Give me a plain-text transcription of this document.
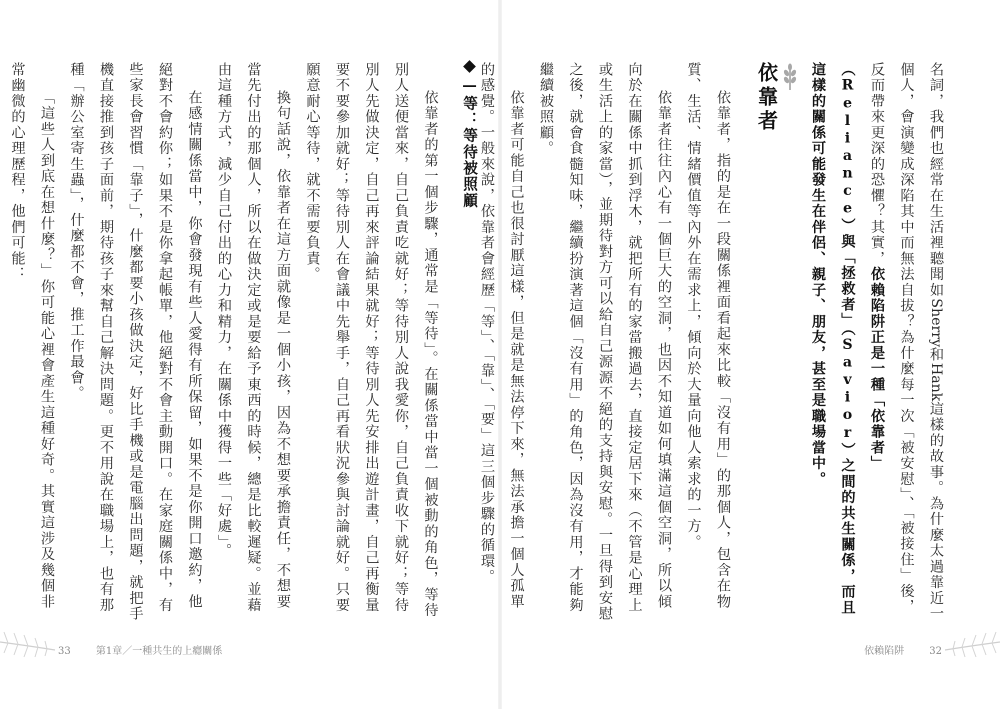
名詞，我們也經常在生活裡聽聞如Sherry和Hank這樣的故事。為什麼太過靠近一個人，會演變成深陷其中而無法自拔？為什麼每一次「被安慰」、「被接住」後，反而帶來更深的恐懼？其實，依賴陷阱正是一種「依靠者」（Reliance）與「拯救者」（Savior）之間的共生關係，而且這樣的關係可能發生在伴侶、親子、朋友，甚至是職場當中。

依靠者

依靠者，指的是在一段關係裡面看起來比較「沒有用」的那個人，包含在物質、生活、情緒價值等內外在需求上，傾向於大量向他人索求的一方。

依靠者往往內心有一個巨大的空洞，也因不知道如何填滿這個空洞，所以傾向於在關係中抓到浮木，就把所有的家當搬過去，直接定居下來（不管是心理上或生活上的家當），並期待對方可以給自己源源不絕的支持與安慰。一旦得到安慰之後，就會食髓知味，繼續扮演著這個「沒有用」的角色，因為沒有用，才能夠繼續被照顧。

依靠者可能自己也很討厭這樣，但是就是無法停下來，無法承擔一個人孤單的感覺。一般來說，依靠者會經歷「等」、「靠」、「要」這三個步驟的循環。

—等：等待被照顧

依靠者的第一個步驟，通常是「等待」。在關係當中當一個被動的角色，等待別人送便當來，自己負責吃就好；等待別人說我愛你，自己負責收下就好；等待別人先做決定，自己再來評論結果就好；等待別人先安排出遊計畫，自己再衡量要不要參加就好；等待別人在會議中先舉手，自己再看狀況參與討論就好。只要願意耐心等待，就不需要負責。

換句話說，依靠者在這方面就像是一個小孩，因為不想要承擔責任，不想要當先付出的那個人，所以在做決定或是要給予東西的時候，總是比較遲疑。並藉由這種方式，減少自己付出的心力和精力，在關係中獲得一些「好處」。

在感情關係當中，你會發現有些人愛得有所保留，如果不是你開口邀約，他絕對不會約你；如果不是你拿起帳單，他絕對不會主動開口。在家庭關係中，有些家長會習慣「靠子」，什麼都要小孩做決定，好比手機或是電腦出問題，就把手機直接推到孩子面前，期待孩子來幫自己解決問題。更不用說在職場上，也有那種「辦公室寄生蟲」，什麼都不會，推工作最會。

「這些人到底在想什麼？」你可能心裡會產生這種好奇。其實這涉及幾個非常幽微的心理歷程，他們可能：

33	第1章／一種共生的上癮關係	依賴陷阱	32
